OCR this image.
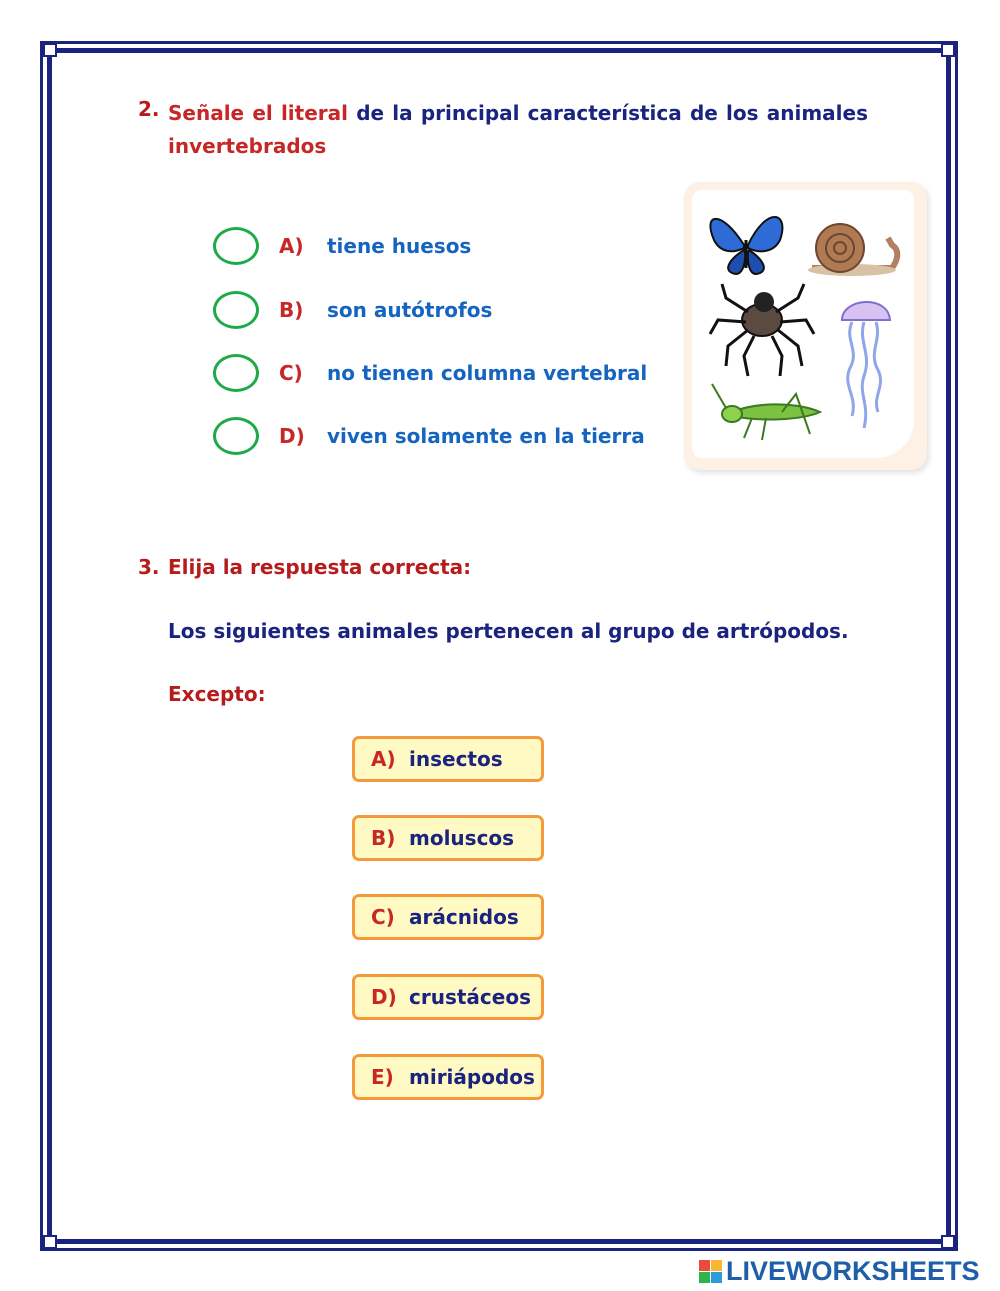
2. Señale el literal de la principal característica de los animales invertebrados
A)	tiene huesos
B)	son autótrofos
C)	no tienen columna vertebral
D)	viven solamente en la tierra
3. Elija la respuesta correcta:
Los siguientes animales pertenecen al grupo de artrópodos.
Excepto:
A) insectos
B) moluscos
C) arácnidos
D) crustáceos
E) miriápodos
LIVEWORKSHEETS
